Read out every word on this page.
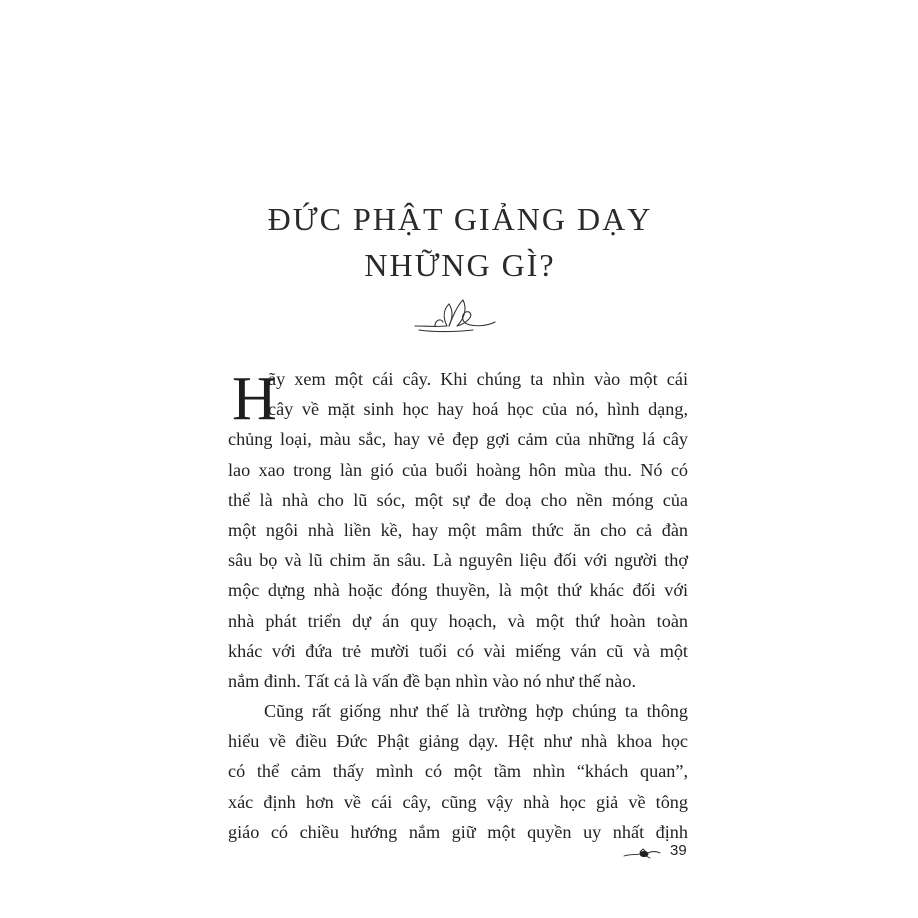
ĐỨC PHẬT GIẢNG DẠY
NHỮNG GÌ?
H
ãy xem một cái cây. Khi chúng ta nhìn vào một cái
cây về mặt sinh học hay hoá học của nó, hình dạng,
chủng loại, màu sắc, hay vẻ đẹp gợi cảm của những lá cây
lao xao trong làn gió của buổi hoàng hôn mùa thu. Nó có
thể là nhà cho lũ sóc, một sự đe doạ cho nền móng của
một ngôi nhà liền kề, hay một mâm thức ăn cho cả đàn
sâu bọ và lũ chim ăn sâu. Là nguyên liệu đối với người thợ
mộc dựng nhà hoặc đóng thuyền, là một thứ khác đối với
nhà phát triển dự án quy hoạch, và một thứ hoàn toàn
khác với đứa trẻ mười tuổi có vài miếng ván cũ và một
nắm đinh. Tất cả là vấn đề bạn nhìn vào nó như thế nào.
Cũng rất giống như thế là trường hợp chúng ta thông
hiểu về điều Đức Phật giảng dạy. Hệt như nhà khoa học
có thể cảm thấy mình có một tầm nhìn “khách quan”,
xác định hơn về cái cây, cũng vậy nhà học giả về tông
giáo có chiều hướng nắm giữ một quyền uy nhất định
39
